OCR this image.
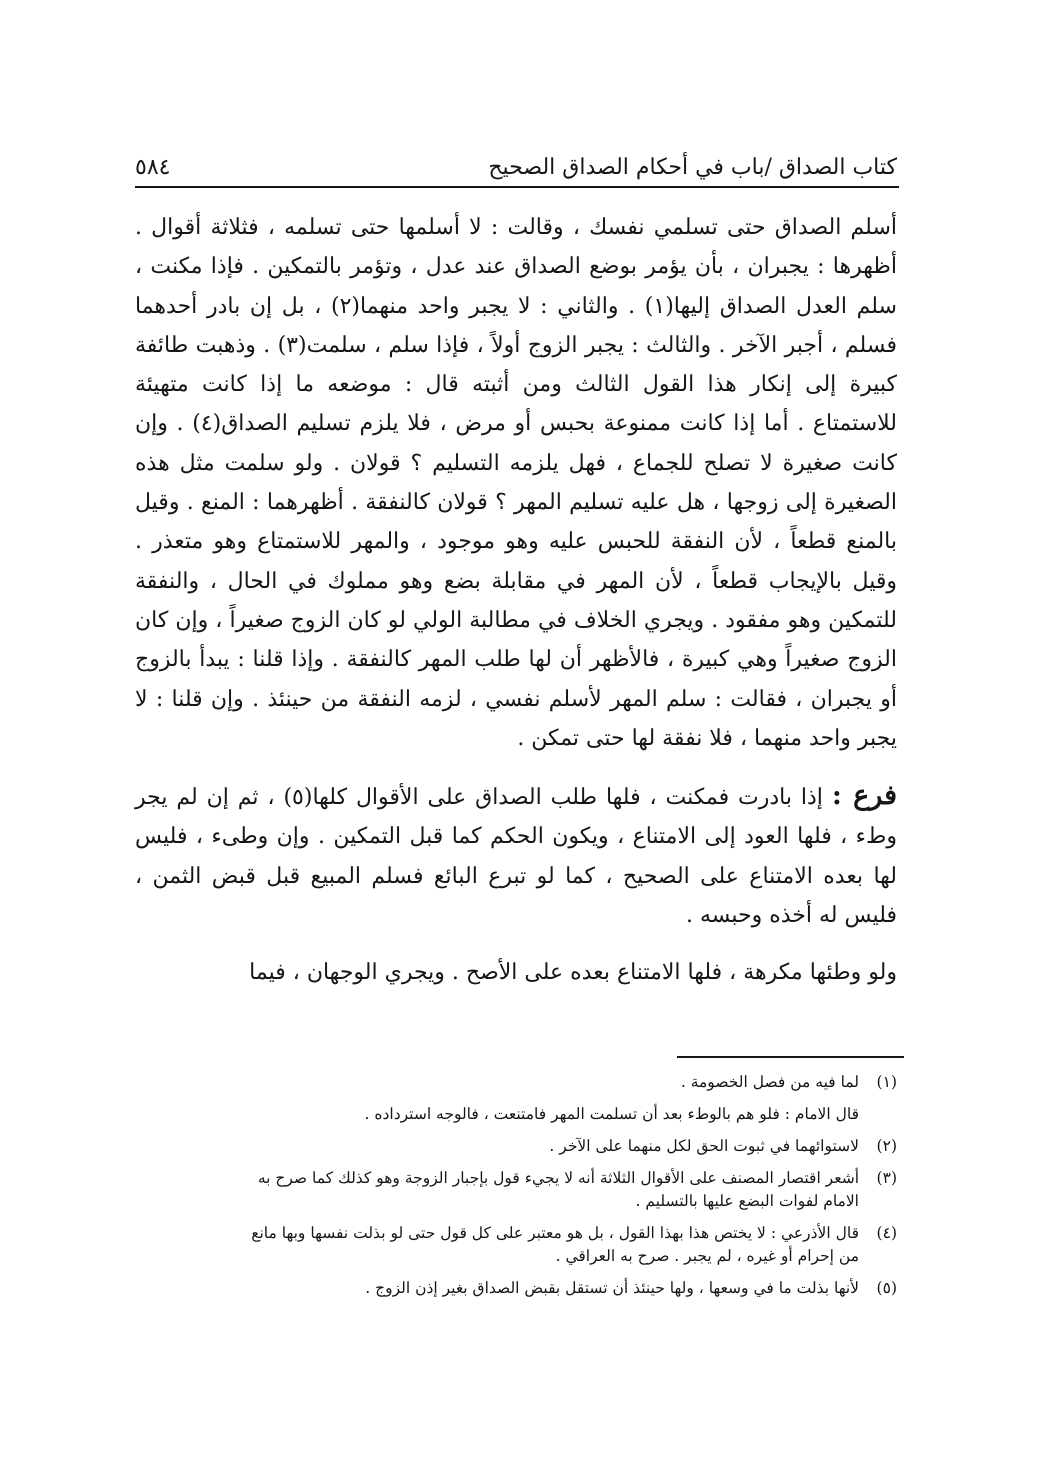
كتاب الصداق /باب في أحكام الصداق الصحيح
٥٨٤

أسلم الصداق حتى تسلمي نفسك ، وقالت : لا أسلمها حتى تسلمه ، فثلاثة أقوال . أظهرها : يجبران ، بأن يؤمر بوضع الصداق عند عدل ، وتؤمر بالتمكين . فإذا مكنت ، سلم العدل الصداق إليها(١) . والثاني : لا يجبر واحد منهما(٢) ، بل إن بادر أحدهما فسلم ، أجبر الآخر . والثالث : يجبر الزوج أولاً ، فإذا سلم ، سلمت(٣) . وذهبت طائفة كبيرة إلى إنكار هذا القول الثالث ومن أثبته قال : موضعه ما إذا كانت متهيئة للاستمتاع . أما إذا كانت ممنوعة بحبس أو مرض ، فلا يلزم تسليم الصداق(٤) . وإن كانت صغيرة لا تصلح للجماع ، فهل يلزمه التسليم ؟ قولان . ولو سلمت مثل هذه الصغيرة إلى زوجها ، هل عليه تسليم المهر ؟ قولان كالنفقة . أظهرهما : المنع . وقيل بالمنع قطعاً ، لأن النفقة للحبس عليه وهو موجود ، والمهر للاستمتاع وهو متعذر . وقيل بالإيجاب قطعاً ، لأن المهر في مقابلة بضع وهو مملوك في الحال ، والنفقة للتمكين وهو مفقود . ويجري الخلاف في مطالبة الولي لو كان الزوج صغيراً ، وإن كان الزوج صغيراً وهي كبيرة ، فالأظهر أن لها طلب المهر كالنفقة . وإذا قلنا : يبدأ بالزوج أو يجبران ، فقالت : سلم المهر لأسلم نفسي ، لزمه النفقة من حينئذ . وإن قلنا : لا يجبر واحد منهما ، فلا نفقة لها حتى تمكن .

فرع : إذا بادرت فمكنت ، فلها طلب الصداق على الأقوال كلها(٥) ، ثم إن لم يجر وطء ، فلها العود إلى الامتناع ، ويكون الحكم كما قبل التمكين . وإن وطىء ، فليس لها بعده الامتناع على الصحيح ، كما لو تبرع البائع فسلم المبيع قبل قبض الثمن ، فليس له أخذه وحبسه .

ولو وطئها مكرهة ، فلها الامتناع بعده على الأصح . ويجري الوجهان ، فيما

(١)
لما فيه من فصل الخصومة .
قال الامام : فلو هم بالوطء بعد أن تسلمت المهر فامتنعت ، فالوجه استرداده .
(٢)
لاستوائهما في ثبوت الحق لكل منهما على الآخر .
(٣)
أشعر اقتصار المصنف على الأقوال الثلاثة أنه لا يجيء قول بإجبار الزوجة وهو كذلك كما صرح به
الامام لفوات البضع عليها بالتسليم .
(٤)
قال الأذرعي : لا يختص هذا بهذا القول ، بل هو معتبر على كل قول حتى لو بذلت نفسها وبها مانع
من إحرام أو غيره ، لم يجبر . صرح به العراقي .
(٥)
لأنها بذلت ما في وسعها ، ولها حينئذ أن تستقل بقبض الصداق بغير إذن الزوج .
